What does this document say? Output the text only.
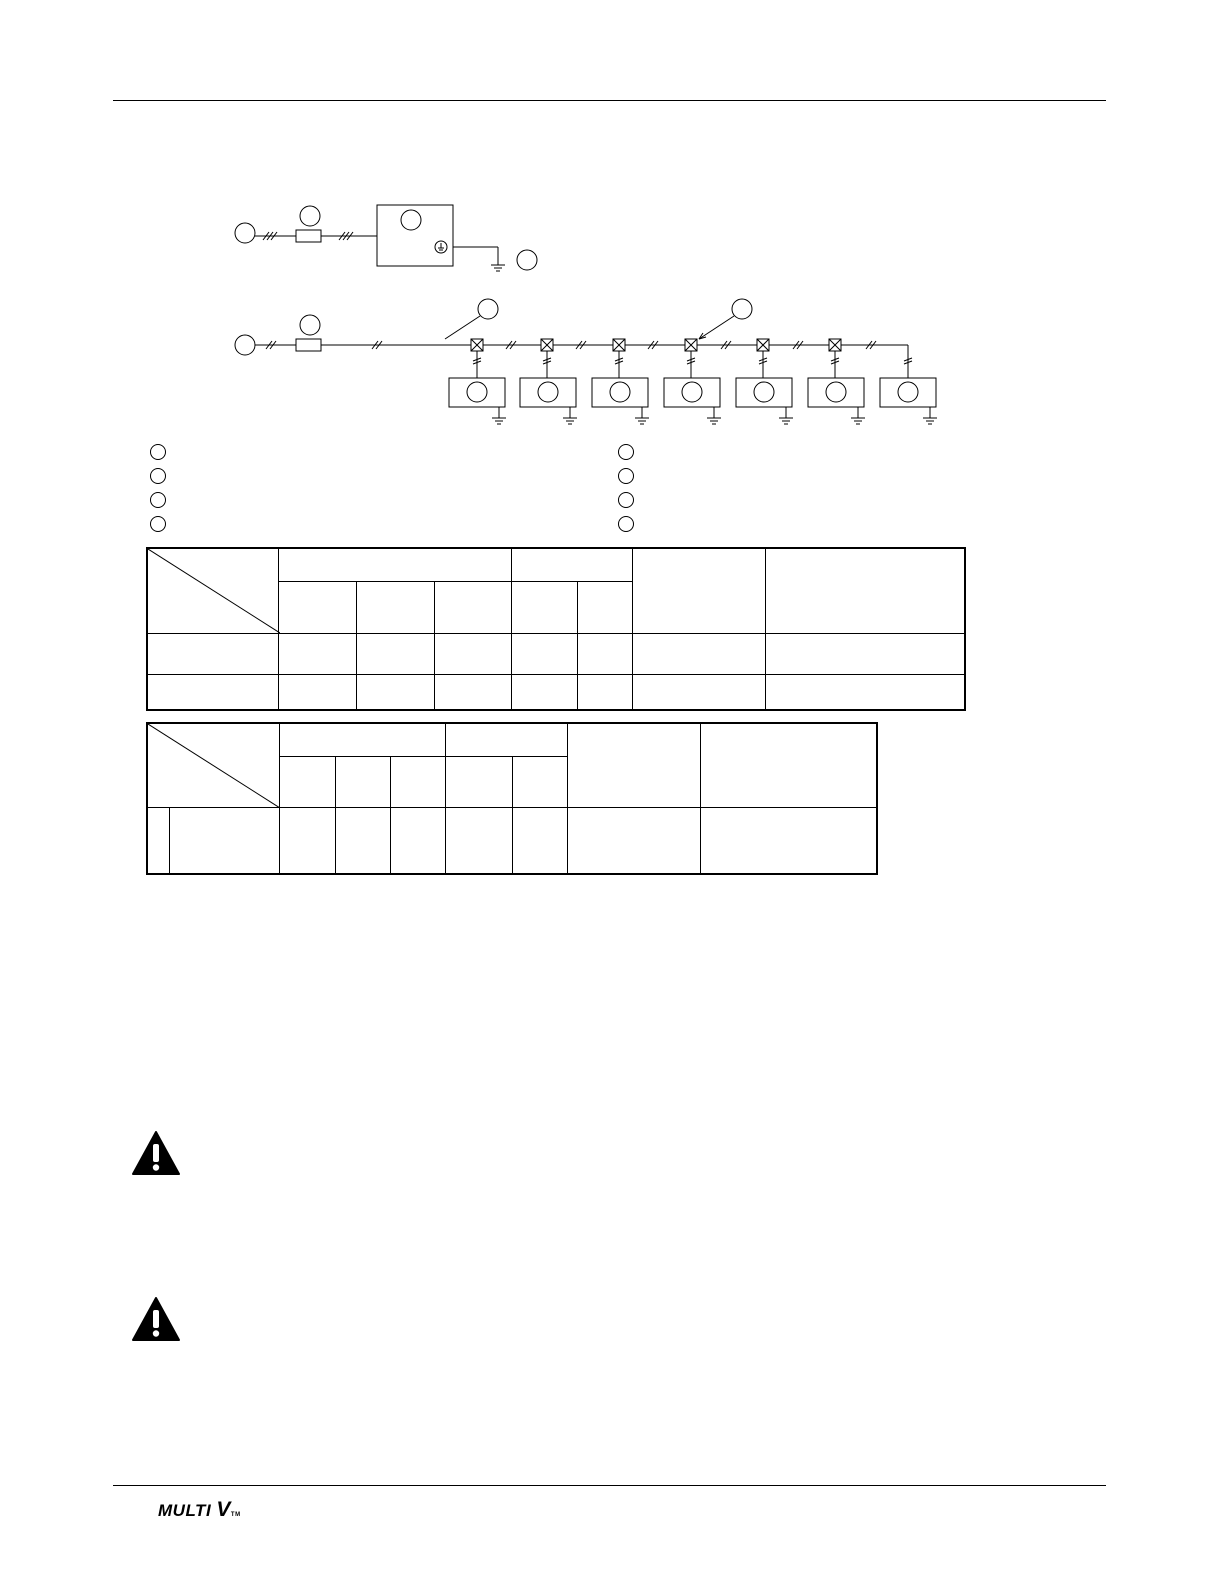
MULTI VTM
